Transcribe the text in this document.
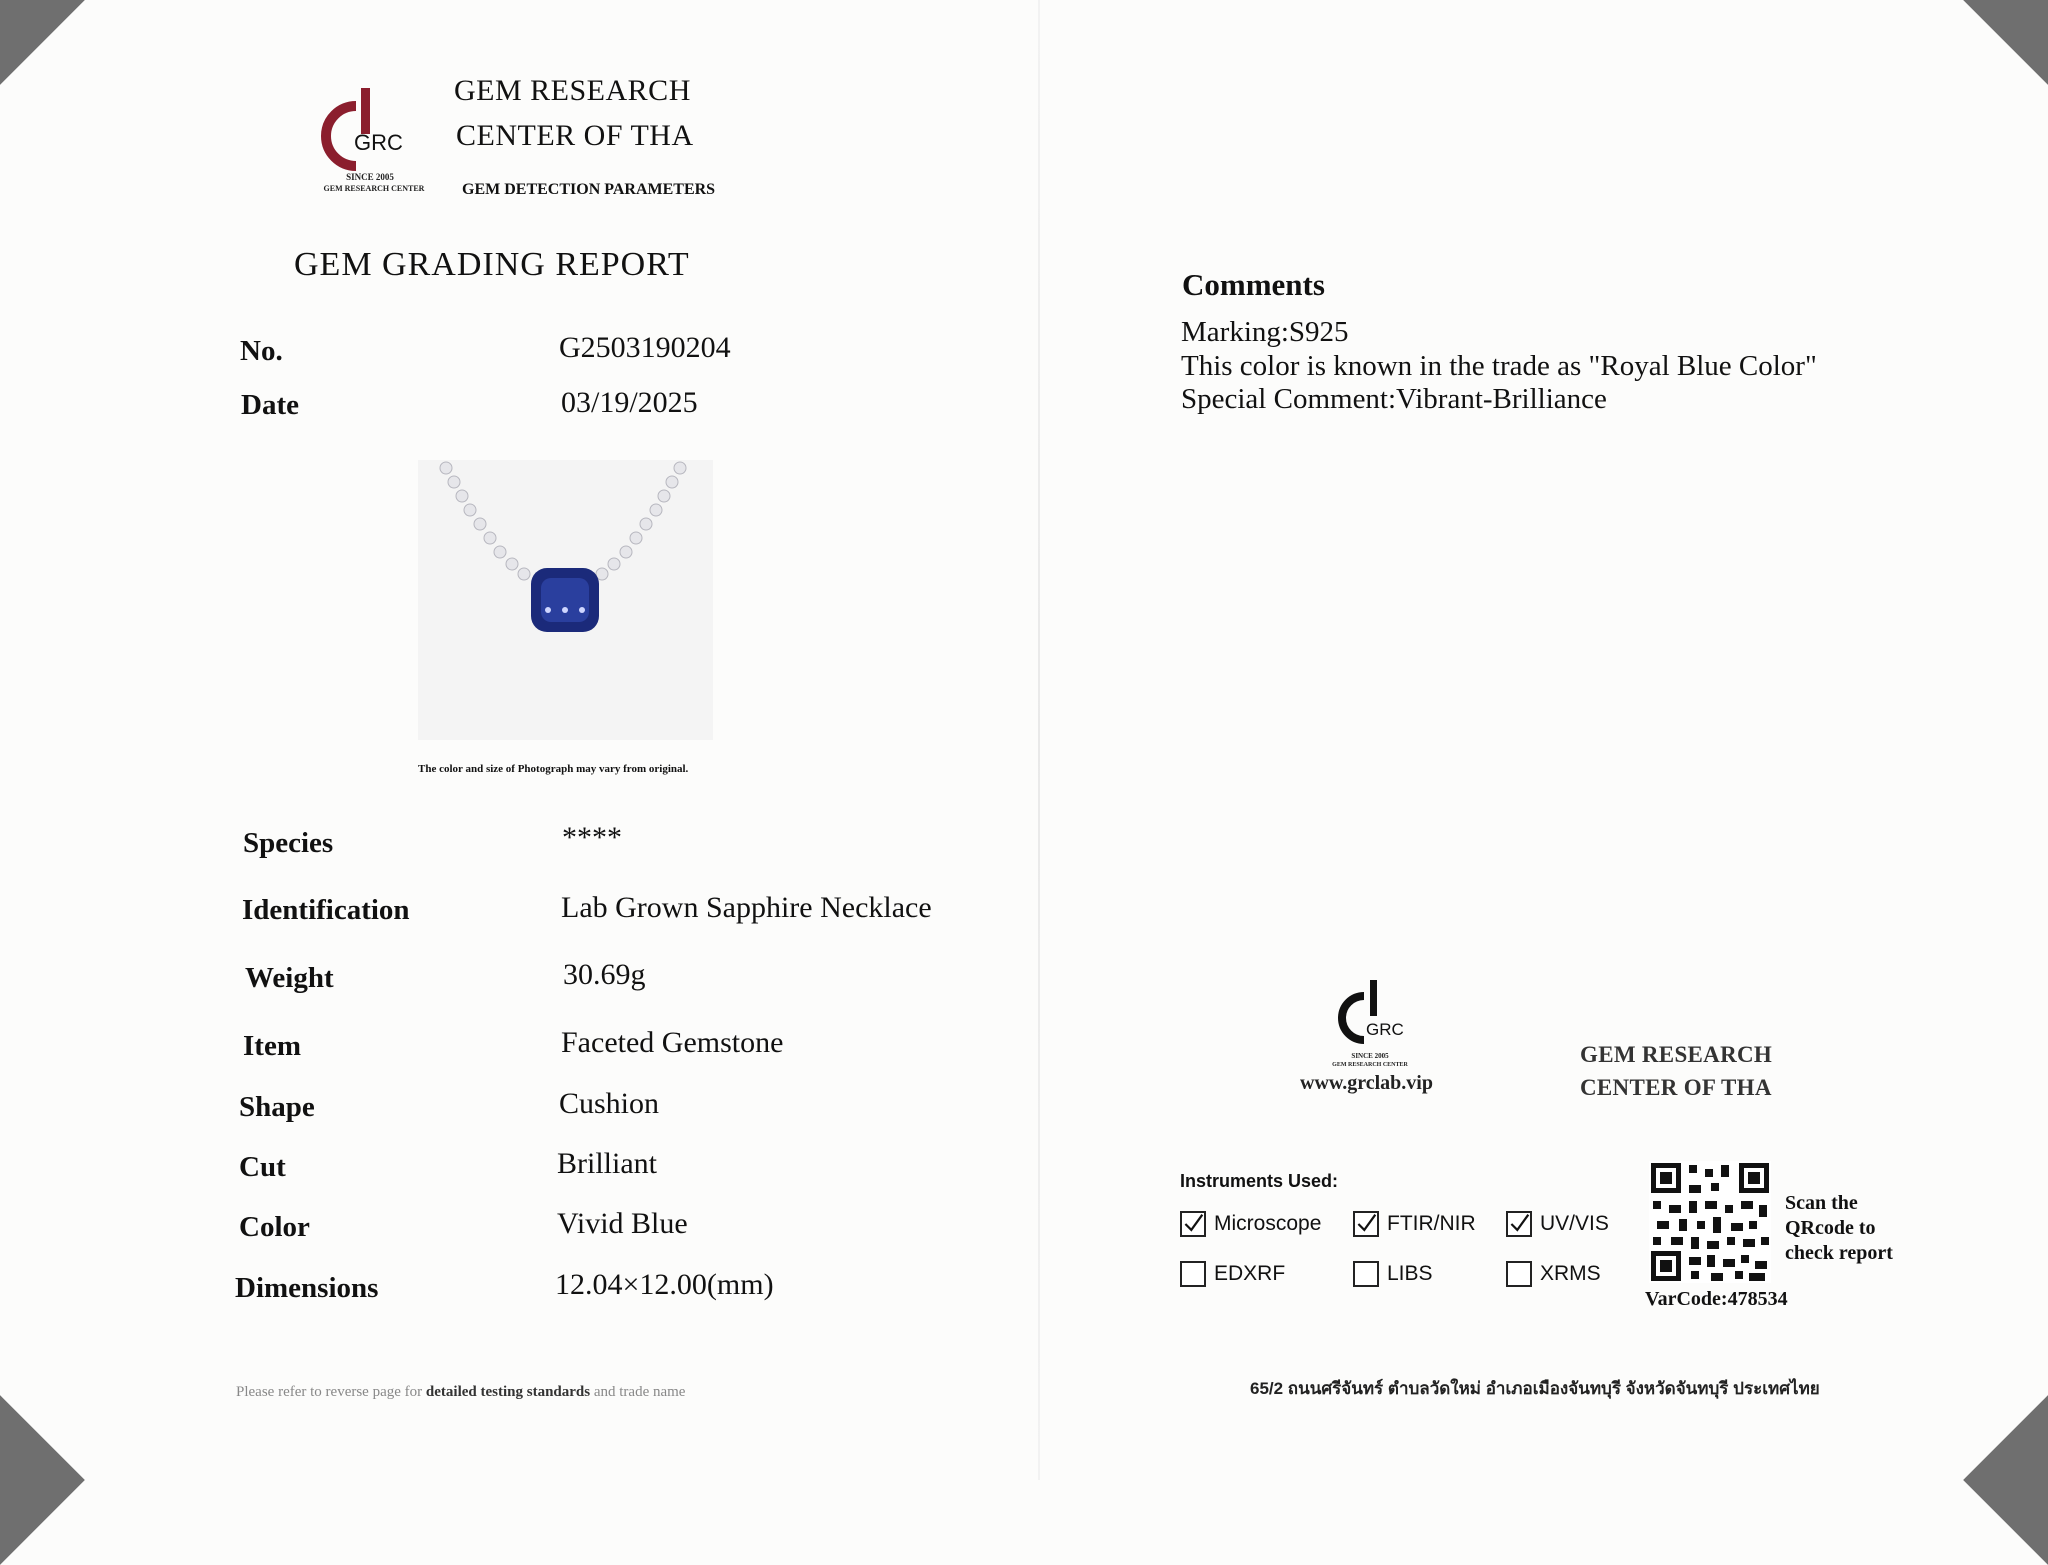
GRC
SINCE 2005
GEM RESEARCH CENTER
GEM RESEARCH
CENTER OF THA
GEM DETECTION PARAMETERS
GEM GRADING REPORT
No.	G2503190204
Date	03/19/2025
The color and size of Photograph may vary from original.
Species	****
Identification	Lab Grown Sapphire Necklace
Weight	30.69g
Item	Faceted Gemstone
Shape	Cushion
Cut	Brilliant
Color	Vivid Blue
Dimensions	12.04×12.00(mm)
Please refer to reverse page for detailed testing standards and trade name
Comments
Marking:S925
This color is known in the trade as "Royal Blue Color"
Special Comment:Vibrant-Brilliance
GRC
SINCE 2005
GEM RESEARCH CENTER
www.grclab.vip
GEM RESEARCH
CENTER OF THA
Instruments Used:
Microscope	FTIR/NIR	UV/VIS
EDXRF	LIBS	XRMS
Scan the
QRcode to
check report
VarCode:478534
65/2 ถนนศรีจันทร์ ตำบลวัดใหม่ อำเภอเมืองจันทบุรี จังหวัดจันทบุรี ประเทศไทย
